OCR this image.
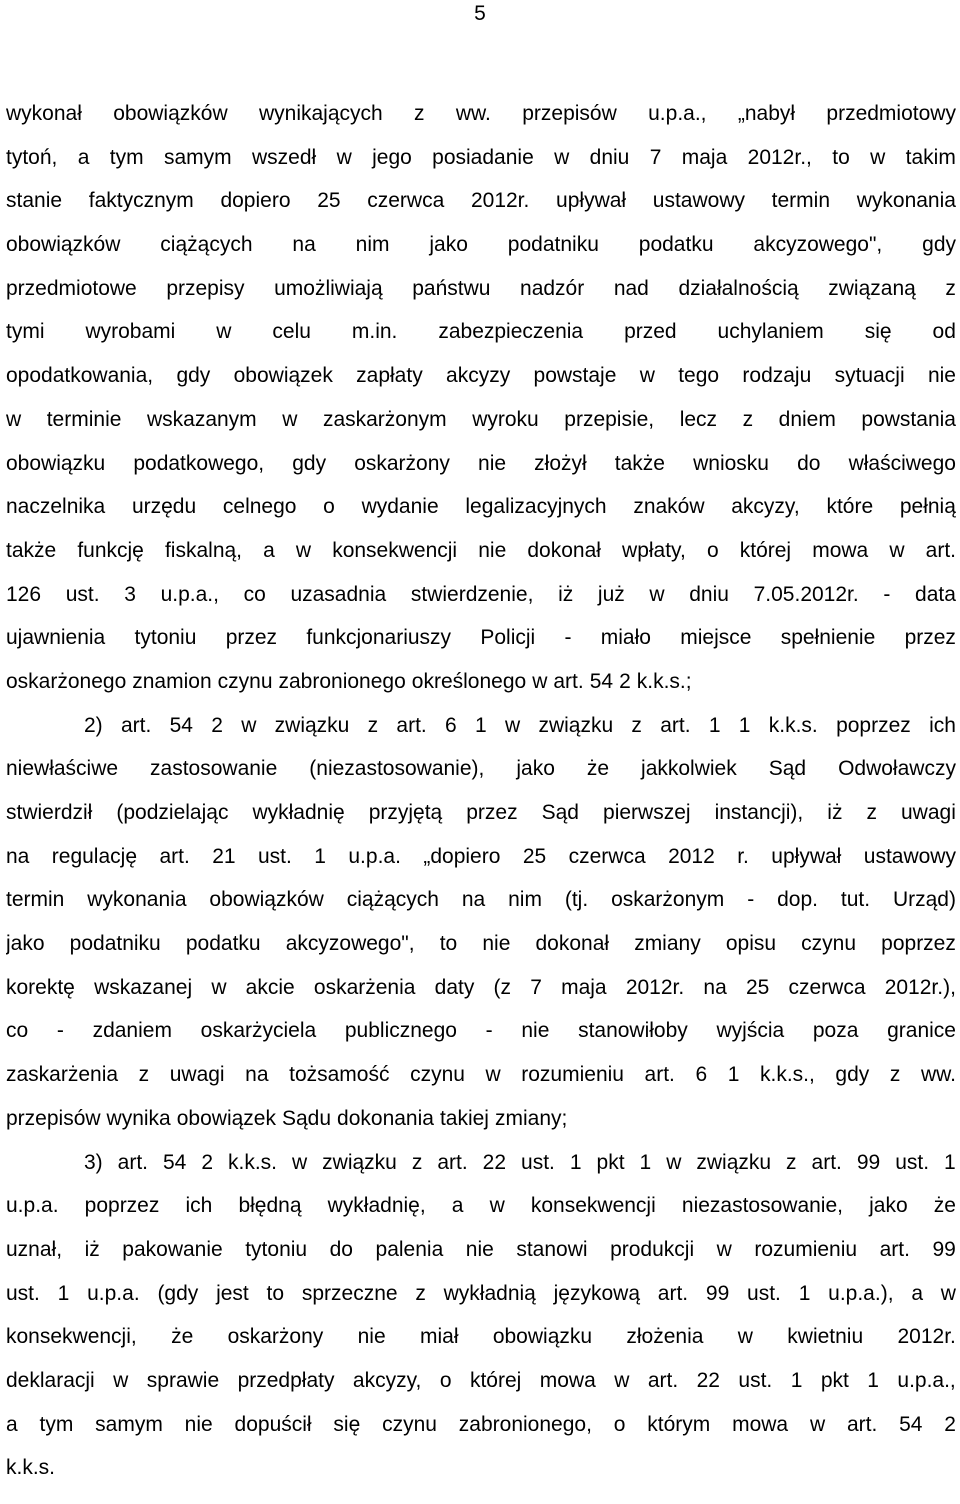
5
wykonał obowiązków wynikających z ww. przepisów u.p.a., „nabył przedmiotowy
tytoń, a tym samym wszedł w jego posiadanie w dniu 7 maja 2012r., to w takim
stanie faktycznym dopiero 25 czerwca 2012r. upływał ustawowy termin wykonania
obowiązków ciążących na nim jako podatniku podatku akcyzowego", gdy
przedmiotowe przepisy umożliwiają państwu nadzór nad działalnością związaną z
tymi wyrobami w celu m.in. zabezpieczenia przed uchylaniem się od
opodatkowania, gdy obowiązek zapłaty akcyzy powstaje w tego rodzaju sytuacji nie
w terminie wskazanym w zaskarżonym wyroku przepisie, lecz z dniem powstania
obowiązku podatkowego, gdy oskarżony nie złożył także wniosku do właściwego
naczelnika urzędu celnego o wydanie legalizacyjnych znaków akcyzy, które pełnią
także funkcję fiskalną, a w konsekwencji nie dokonał wpłaty, o której mowa w art.
126 ust. 3 u.p.a., co uzasadnia stwierdzenie, iż już w dniu 7.05.2012r. - data
ujawnienia tytoniu przez funkcjonariuszy Policji - miało miejsce spełnienie przez
oskarżonego znamion czynu zabronionego określonego w art. 54 2 k.k.s.;
2) art. 54 2 w związku z art. 6 1 w związku z art. 1 1 k.k.s. poprzez ich
niewłaściwe zastosowanie (niezastosowanie), jako że jakkolwiek Sąd Odwoławczy
stwierdził (podzielając wykładnię przyjętą przez Sąd pierwszej instancji), iż z uwagi
na regulację art. 21 ust. 1 u.p.a. „dopiero 25 czerwca 2012 r. upływał ustawowy
termin wykonania obowiązków ciążących na nim (tj. oskarżonym - dop. tut. Urząd)
jako podatniku podatku akcyzowego", to nie dokonał zmiany opisu czynu poprzez
korektę wskazanej w akcie oskarżenia daty (z 7 maja 2012r. na 25 czerwca 2012r.),
co - zdaniem oskarżyciela publicznego - nie stanowiłoby wyjścia poza granice
zaskarżenia z uwagi na tożsamość czynu w rozumieniu art. 6 1 k.k.s., gdy z ww.
przepisów wynika obowiązek Sądu dokonania takiej zmiany;
3) art. 54 2 k.k.s. w związku z art. 22 ust. 1 pkt 1 w związku z art. 99 ust. 1
u.p.a. poprzez ich błędną wykładnię, a w konsekwencji niezastosowanie, jako że
uznał, iż pakowanie tytoniu do palenia nie stanowi produkcji w rozumieniu art. 99
ust. 1 u.p.a. (gdy jest to sprzeczne z wykładnią językową art. 99 ust. 1 u.p.a.), a w
konsekwencji, że oskarżony nie miał obowiązku złożenia w kwietniu 2012r.
deklaracji w sprawie przedpłaty akcyzy, o której mowa w art. 22 ust. 1 pkt 1 u.p.a.,
a tym samym nie dopuścił się czynu zabronionego, o którym mowa w art. 54 2
k.k.s.
